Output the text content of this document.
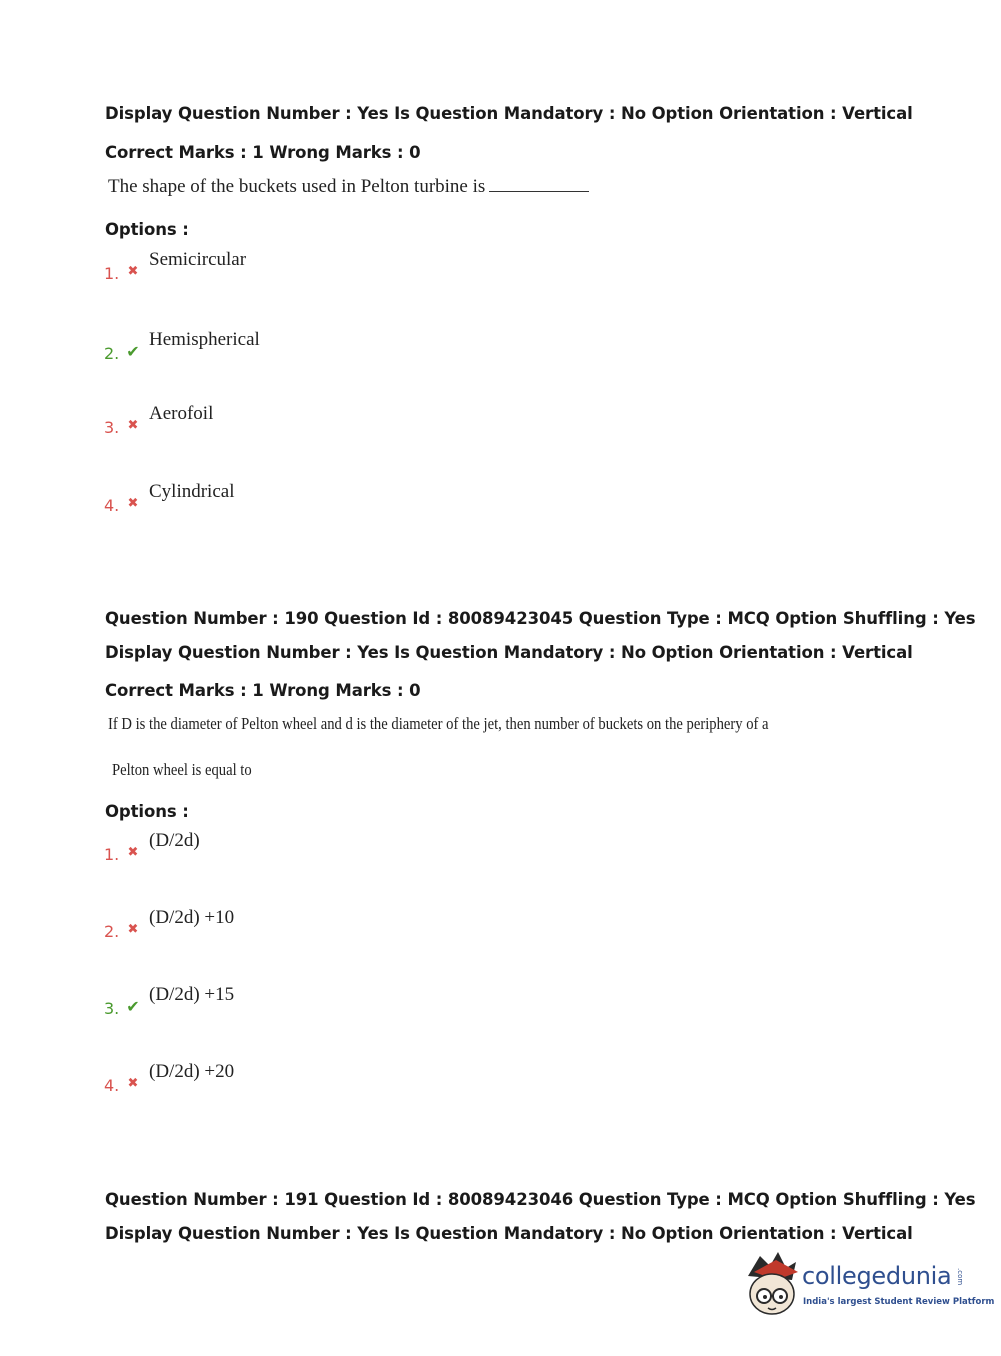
Display Question Number : Yes Is Question Mandatory : No Option Orientation : Vertical
Correct Marks : 1 Wrong Marks : 0
The shape of the buckets used in Pelton turbine is
Options :
1. ✖
Semicircular
2. ✔
Hemispherical
3. ✖
Aerofoil
4. ✖
Cylindrical
Question Number : 190 Question Id : 80089423045 Question Type : MCQ Option Shuffling : Yes
Display Question Number : Yes Is Question Mandatory : No Option Orientation : Vertical
Correct Marks : 1 Wrong Marks : 0
If D is the diameter of Pelton wheel and d is the diameter of the jet, then number of buckets on the periphery of a
Pelton wheel is equal to
Options :
1. ✖
(D/2d)
2. ✖
(D/2d) +10
3. ✔
(D/2d) +15
4. ✖
(D/2d) +20
Question Number : 191 Question Id : 80089423046 Question Type : MCQ Option Shuffling : Yes
Display Question Number : Yes Is Question Mandatory : No Option Orientation : Vertical
collegedunia .com
India's largest Student Review Platform
